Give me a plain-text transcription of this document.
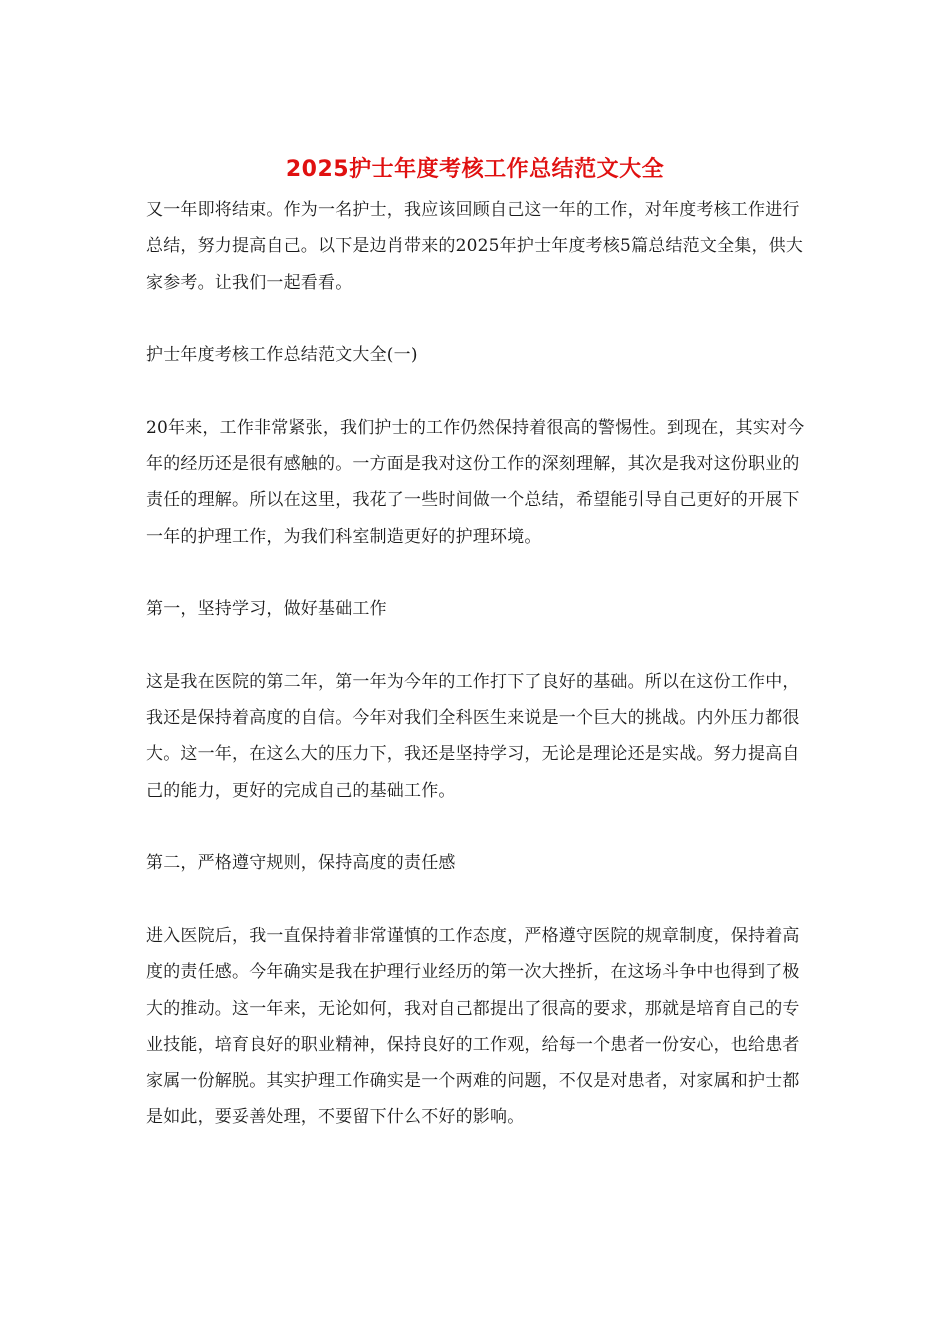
2025护士年度考核工作总结范文大全

又一年即将结束。作为一名护士，我应该回顾自己这一年的工作，对年度考核工作进行总结，努力提高自己。以下是边肖带来的2025年护士年度考核5篇总结范文全集，供大家参考。让我们一起看看。

护士年度考核工作总结范文大全(一)

20年来，工作非常紧张，我们护士的工作仍然保持着很高的警惕性。到现在，其实对今年的经历还是很有感触的。一方面是我对这份工作的深刻理解，其次是我对这份职业的责任的理解。所以在这里，我花了一些时间做一个总结，希望能引导自己更好的开展下一年的护理工作，为我们科室制造更好的护理环境。

第一，坚持学习，做好基础工作

这是我在医院的第二年，第一年为今年的工作打下了良好的基础。所以在这份工作中，我还是保持着高度的自信。今年对我们全科医生来说是一个巨大的挑战。内外压力都很大。这一年，在这么大的压力下，我还是坚持学习，无论是理论还是实战。努力提高自己的能力，更好的完成自己的基础工作。

第二，严格遵守规则，保持高度的责任感

进入医院后，我一直保持着非常谨慎的工作态度，严格遵守医院的规章制度，保持着高度的责任感。今年确实是我在护理行业经历的第一次大挫折，在这场斗争中也得到了极大的推动。这一年来，无论如何，我对自己都提出了很高的要求，那就是培育自己的专业技能，培育良好的职业精神，保持良好的工作观，给每一个患者一份安心，也给患者家属一份解脱。其实护理工作确实是一个两难的问题，不仅是对患者，对家属和护士都是如此，要妥善处理，不要留下什么不好的影响。
